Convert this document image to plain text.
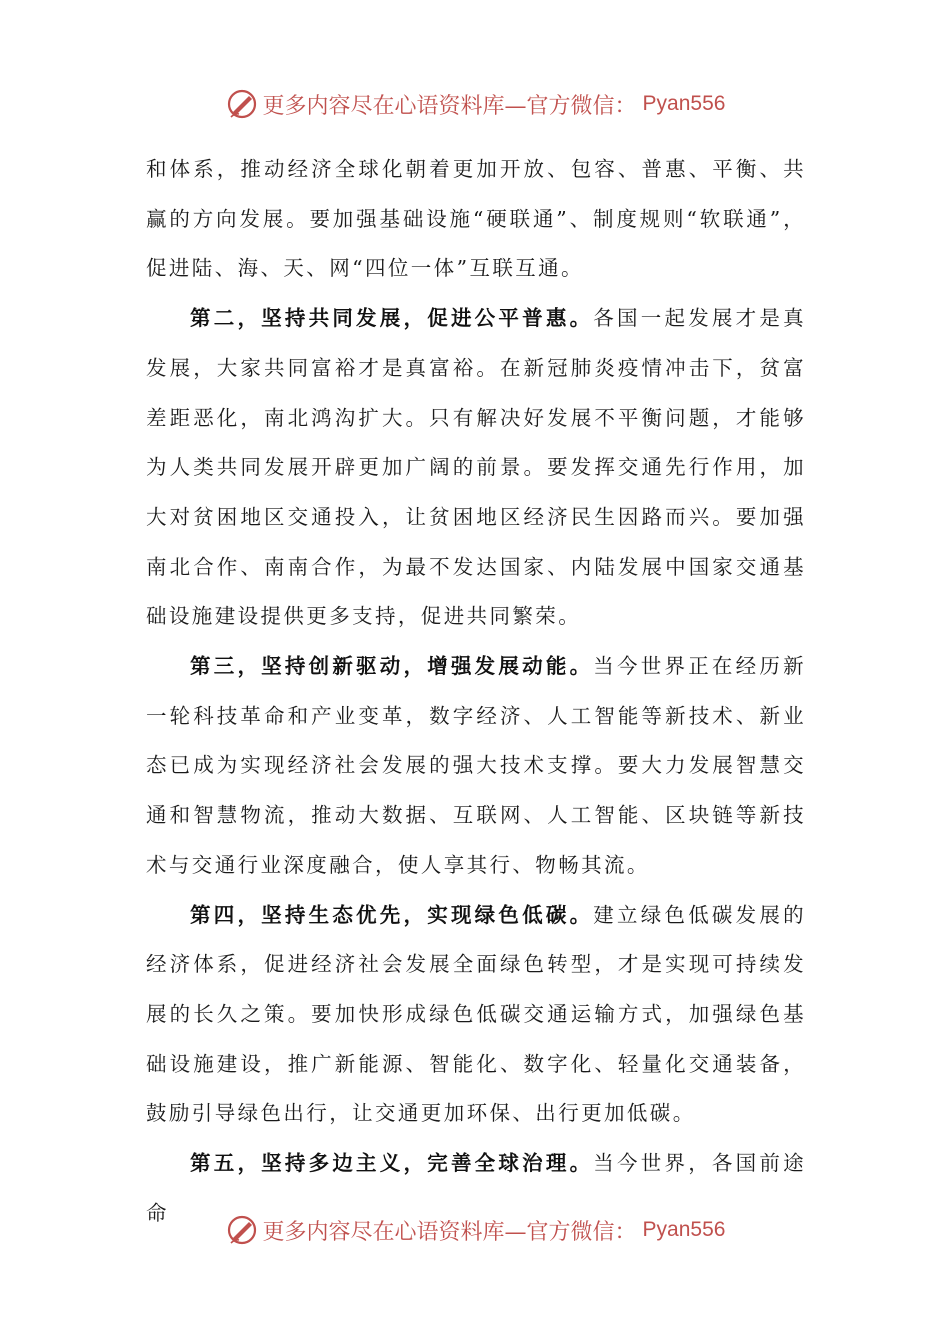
更多内容尽在心语资料库—官方微信： Pyan556

和体系，推动经济全球化朝着更加开放、包容、普惠、平衡、共赢的方向发展。要加强基础设施“硬联通”、制度规则“软联通”，促进陆、海、天、网“四位一体”互联互通。

第二，坚持共同发展，促进公平普惠。各国一起发展才是真发展，大家共同富裕才是真富裕。在新冠肺炎疫情冲击下，贫富差距恶化，南北鸿沟扩大。只有解决好发展不平衡问题，才能够为人类共同发展开辟更加广阔的前景。要发挥交通先行作用，加大对贫困地区交通投入，让贫困地区经济民生因路而兴。要加强南北合作、南南合作，为最不发达国家、内陆发展中国家交通基础设施建设提供更多支持，促进共同繁荣。

第三，坚持创新驱动，增强发展动能。当今世界正在经历新一轮科技革命和产业变革，数字经济、人工智能等新技术、新业态已成为实现经济社会发展的强大技术支撑。要大力发展智慧交通和智慧物流，推动大数据、互联网、人工智能、区块链等新技术与交通行业深度融合，使人享其行、物畅其流。

第四，坚持生态优先，实现绿色低碳。建立绿色低碳发展的经济体系，促进经济社会发展全面绿色转型，才是实现可持续发展的长久之策。要加快形成绿色低碳交通运输方式，加强绿色基础设施建设，推广新能源、智能化、数字化、轻量化交通装备，鼓励引导绿色出行，让交通更加环保、出行更加低碳。

第五，坚持多边主义，完善全球治理。当今世界，各国前途命

更多内容尽在心语资料库—官方微信： Pyan556
